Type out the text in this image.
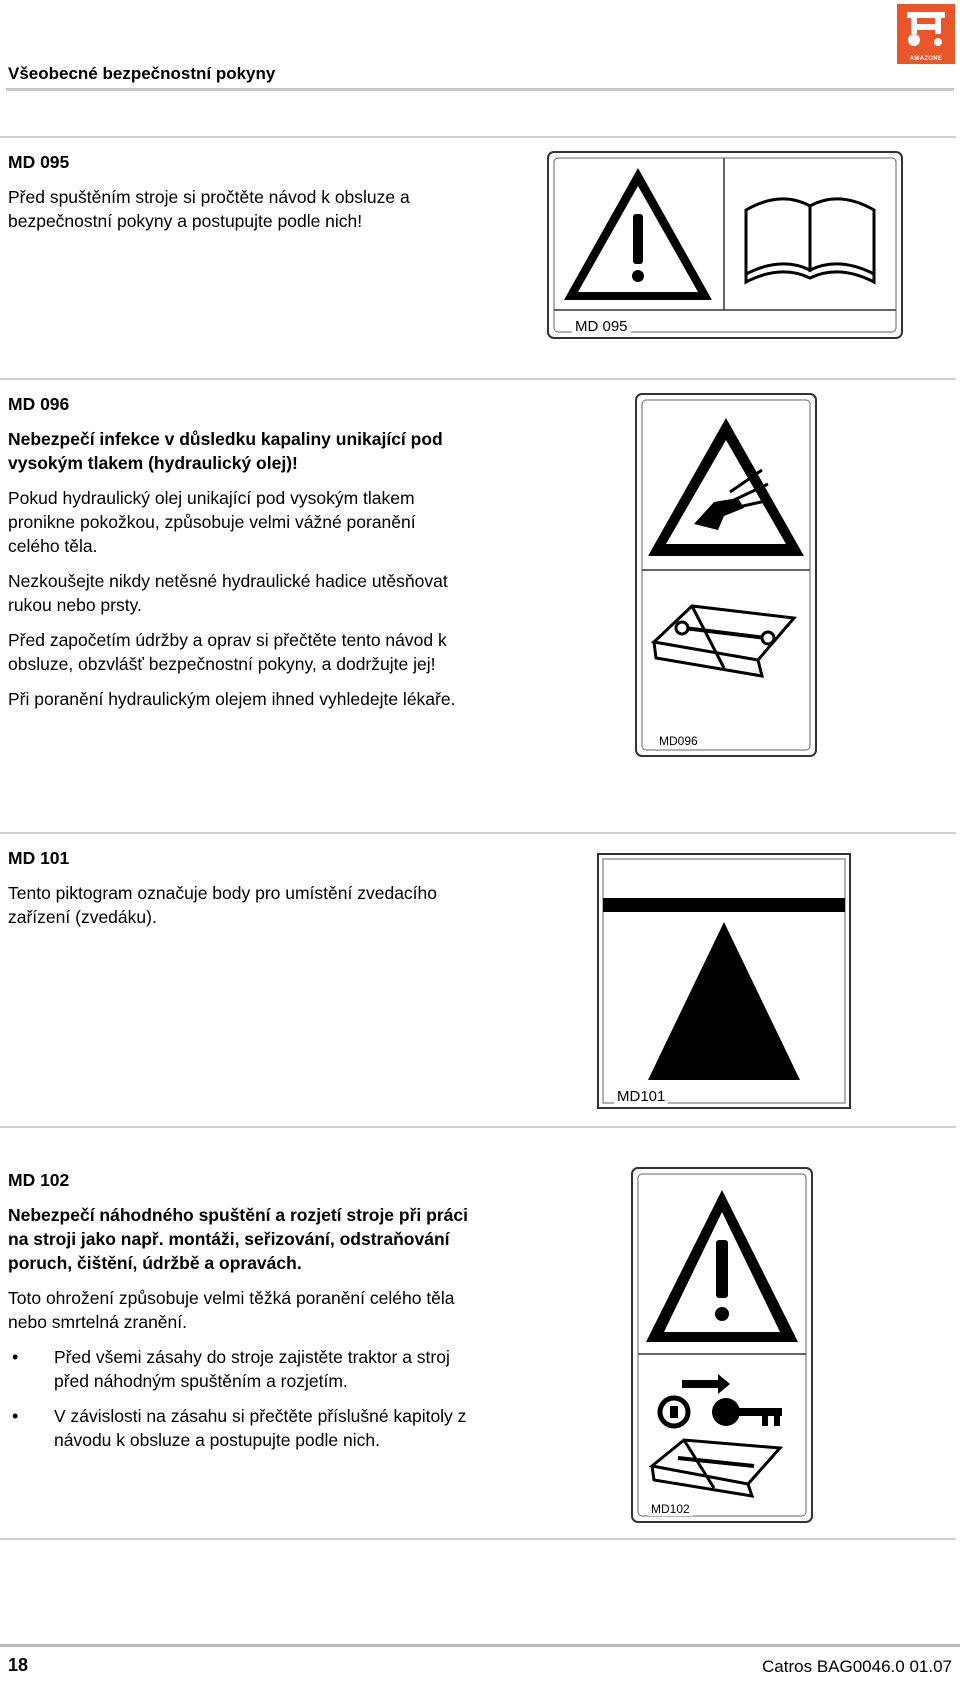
Všeobecné bezpečnostní pokyny
AMAZONE

MD 095

Před spuštěním stroje si pročtěte návod k obsluze a bezpečnostní pokyny a postupujte podle nich!

MD 095

MD 096

Nebezpečí infekce v důsledku kapaliny unikající pod vysokým tlakem (hydraulický olej)!

Pokud hydraulický olej unikající pod vysokým tlakem pronikne pokožkou, způsobuje velmi vážné poranění celého těla.

Nezkoušejte nikdy netěsné hydraulické hadice utěsňovat rukou nebo prsty.

Před započetím údržby a oprav si přečtěte tento návod k obsluze, obzvlášť bezpečnostní pokyny, a dodržujte jej!

Při poranění hydraulickým olejem ihned vyhledejte lékaře.

MD096

MD 101

Tento piktogram označuje body pro umístění zvedacího zařízení (zvedáku).

MD101

MD 102

Nebezpečí náhodného spuštění a rozjetí stroje při práci na stroji jako např. montáži, seřizování, odstraňování poruch, čištění, údržbě a opravách.

Toto ohrožení způsobuje velmi těžká poranění celého těla nebo smrtelná zranění.

• Před všemi zásahy do stroje zajistěte traktor a stroj před náhodným spuštěním a rozjetím.
• V závislosti na zásahu si přečtěte příslušné kapitoly z návodu k obsluze a postupujte podle nich.
MD102
18	Catros BAG0046.0 01.07
